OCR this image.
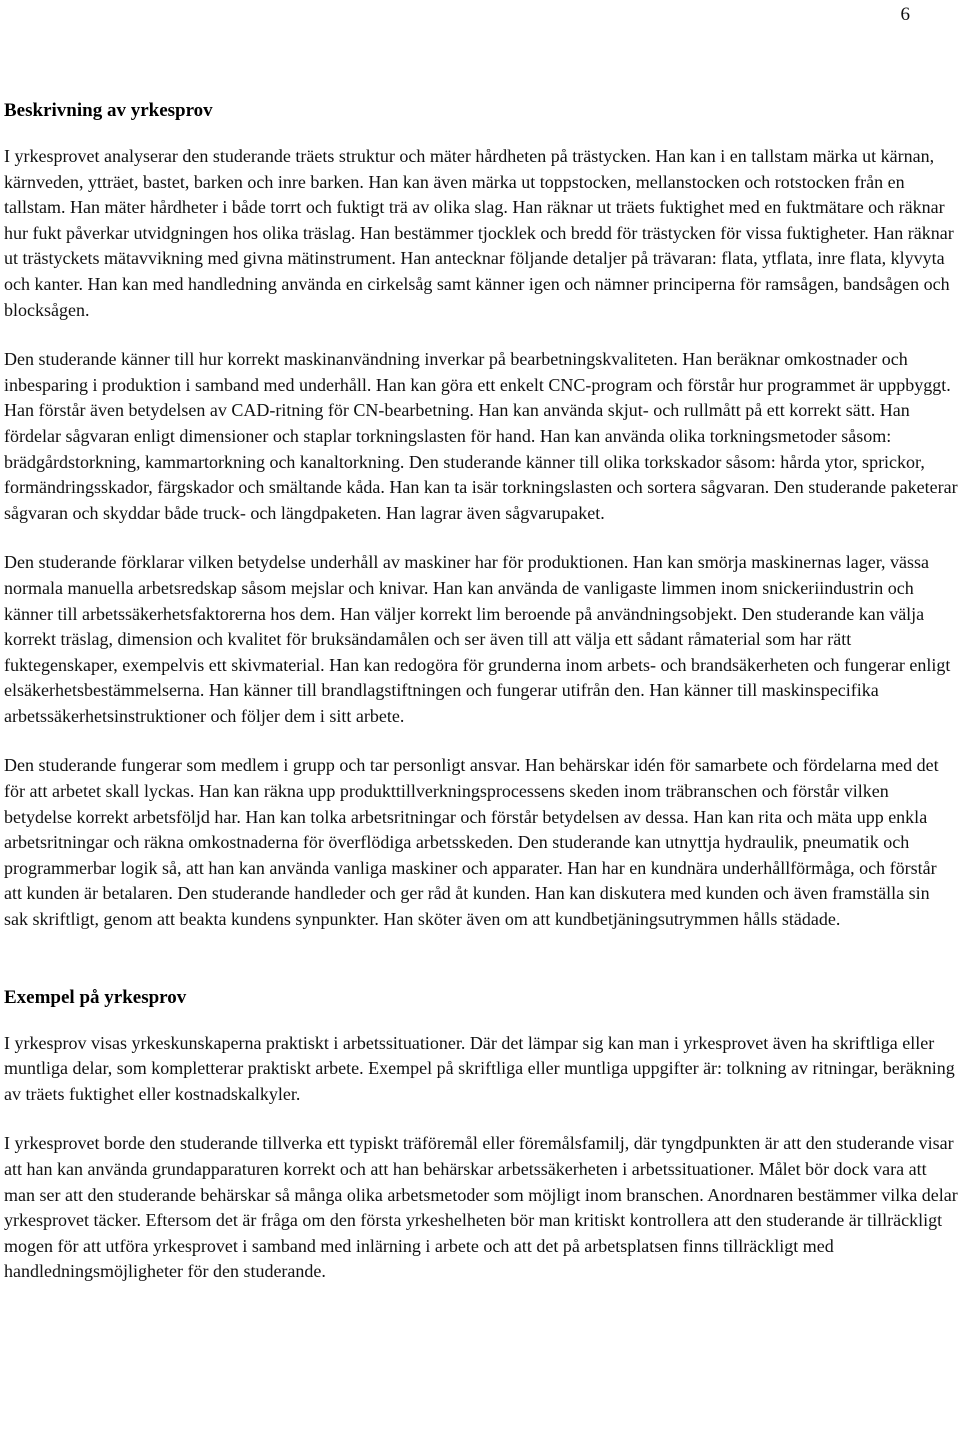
6
Beskrivning av yrkesprov

I yrkesprovet analyserar den studerande träets struktur och mäter hårdheten på trästycken. Han kan i en tallstam märka ut kärnan, kärnveden, ytträet, bastet, barken och inre barken. Han kan även märka ut toppstocken, mellanstocken och rotstocken från en tallstam. Han mäter hårdheter i både torrt och fuktigt trä av olika slag. Han räknar ut träets fuktighet med en fuktmätare och räknar hur fukt påverkar utvidgningen hos olika träslag. Han bestämmer tjocklek och bredd för trästycken för vissa fuktigheter. Han räknar ut trästyckets mätavvikning med givna mätinstrument. Han antecknar följande detaljer på trävaran: flata, ytflata, inre flata, klyvyta och kanter. Han kan med handledning använda en cirkelsåg samt känner igen och nämner principerna för ramsågen, bandsågen och blocksågen.

Den studerande känner till hur korrekt maskinanvändning inverkar på bearbetningskvaliteten. Han beräknar omkostnader och inbesparing i produktion i samband med underhåll. Han kan göra ett enkelt CNC-program och förstår hur programmet är uppbyggt. Han förstår även betydelsen av CAD-ritning för CN-bearbetning. Han kan använda skjut- och rullmått på ett korrekt sätt. Han fördelar sågvaran enligt dimensioner och staplar torkningslasten för hand. Han kan använda olika torkningsmetoder såsom: brädgårdstorkning, kammartorkning och kanaltorkning. Den studerande känner till olika torkskador såsom: hårda ytor, sprickor, formändringsskador, färgskador och smältande kåda. Han kan ta isär torkningslasten och sortera sågvaran. Den studerande paketerar sågvaran och skyddar både truck- och längdpaketen. Han lagrar även sågvarupaket.

Den studerande förklarar vilken betydelse underhåll av maskiner har för produktionen. Han kan smörja maskinernas lager, vässa normala manuella arbetsredskap såsom mejslar och knivar. Han kan använda de vanligaste limmen inom snickeriindustrin och känner till arbetssäkerhetsfaktorerna hos dem. Han väljer korrekt lim beroende på användningsobjekt. Den studerande kan välja korrekt träslag, dimension och kvalitet för bruksändamålen och ser även till att välja ett sådant råmaterial som har rätt fuktegenskaper, exempelvis ett skivmaterial. Han kan redogöra för grunderna inom arbets- och brandsäkerheten och fungerar enligt elsäkerhetsbestämmelserna. Han känner till brandlagstiftningen och fungerar utifrån den. Han känner till maskinspecifika arbetssäkerhetsinstruktioner och följer dem i sitt arbete.

Den studerande fungerar som medlem i grupp och tar personligt ansvar. Han behärskar idén för samarbete och fördelarna med det för att arbetet skall lyckas. Han kan räkna upp produkttillverkningsprocessens skeden inom träbranschen och förstår vilken betydelse korrekt arbetsföljd har. Han kan tolka arbetsritningar och förstår betydelsen av dessa. Han kan rita och mäta upp enkla arbetsritningar och räkna omkostnaderna för överflödiga arbetsskeden. Den studerande kan utnyttja hydraulik, pneumatik och programmerbar logik så, att han kan använda vanliga maskiner och apparater. Han har en kundnära underhållförmåga, och förstår att kunden är betalaren. Den studerande handleder och ger råd åt kunden. Han kan diskutera med kunden och även framställa sin sak skriftligt, genom att beakta kundens synpunkter. Han sköter även om att kundbetjäningsutrymmen hålls städade.

Exempel på yrkesprov

I yrkesprov visas yrkeskunskaperna praktiskt i arbetssituationer. Där det lämpar sig kan man i yrkesprovet även ha skriftliga eller muntliga delar, som kompletterar praktiskt arbete. Exempel på skriftliga eller muntliga uppgifter är: tolkning av ritningar, beräkning av träets fuktighet eller kostnadskalkyler.

I yrkesprovet borde den studerande tillverka ett typiskt träföremål eller föremålsfamilj, där tyngdpunkten är att den studerande visar att han kan använda grundapparaturen korrekt och att han behärskar arbetssäkerheten i arbetssituationer. Målet bör dock vara att man ser att den studerande behärskar så många olika arbetsmetoder som möjligt inom branschen. Anordnaren bestämmer vilka delar yrkesprovet täcker. Eftersom det är fråga om den första yrkeshelheten bör man kritiskt kontrollera att den studerande är tillräckligt mogen för att utföra yrkesprovet i samband med inlärning i arbete och att det på arbetsplatsen finns tillräckligt med handledningsmöjligheter för den studerande.
